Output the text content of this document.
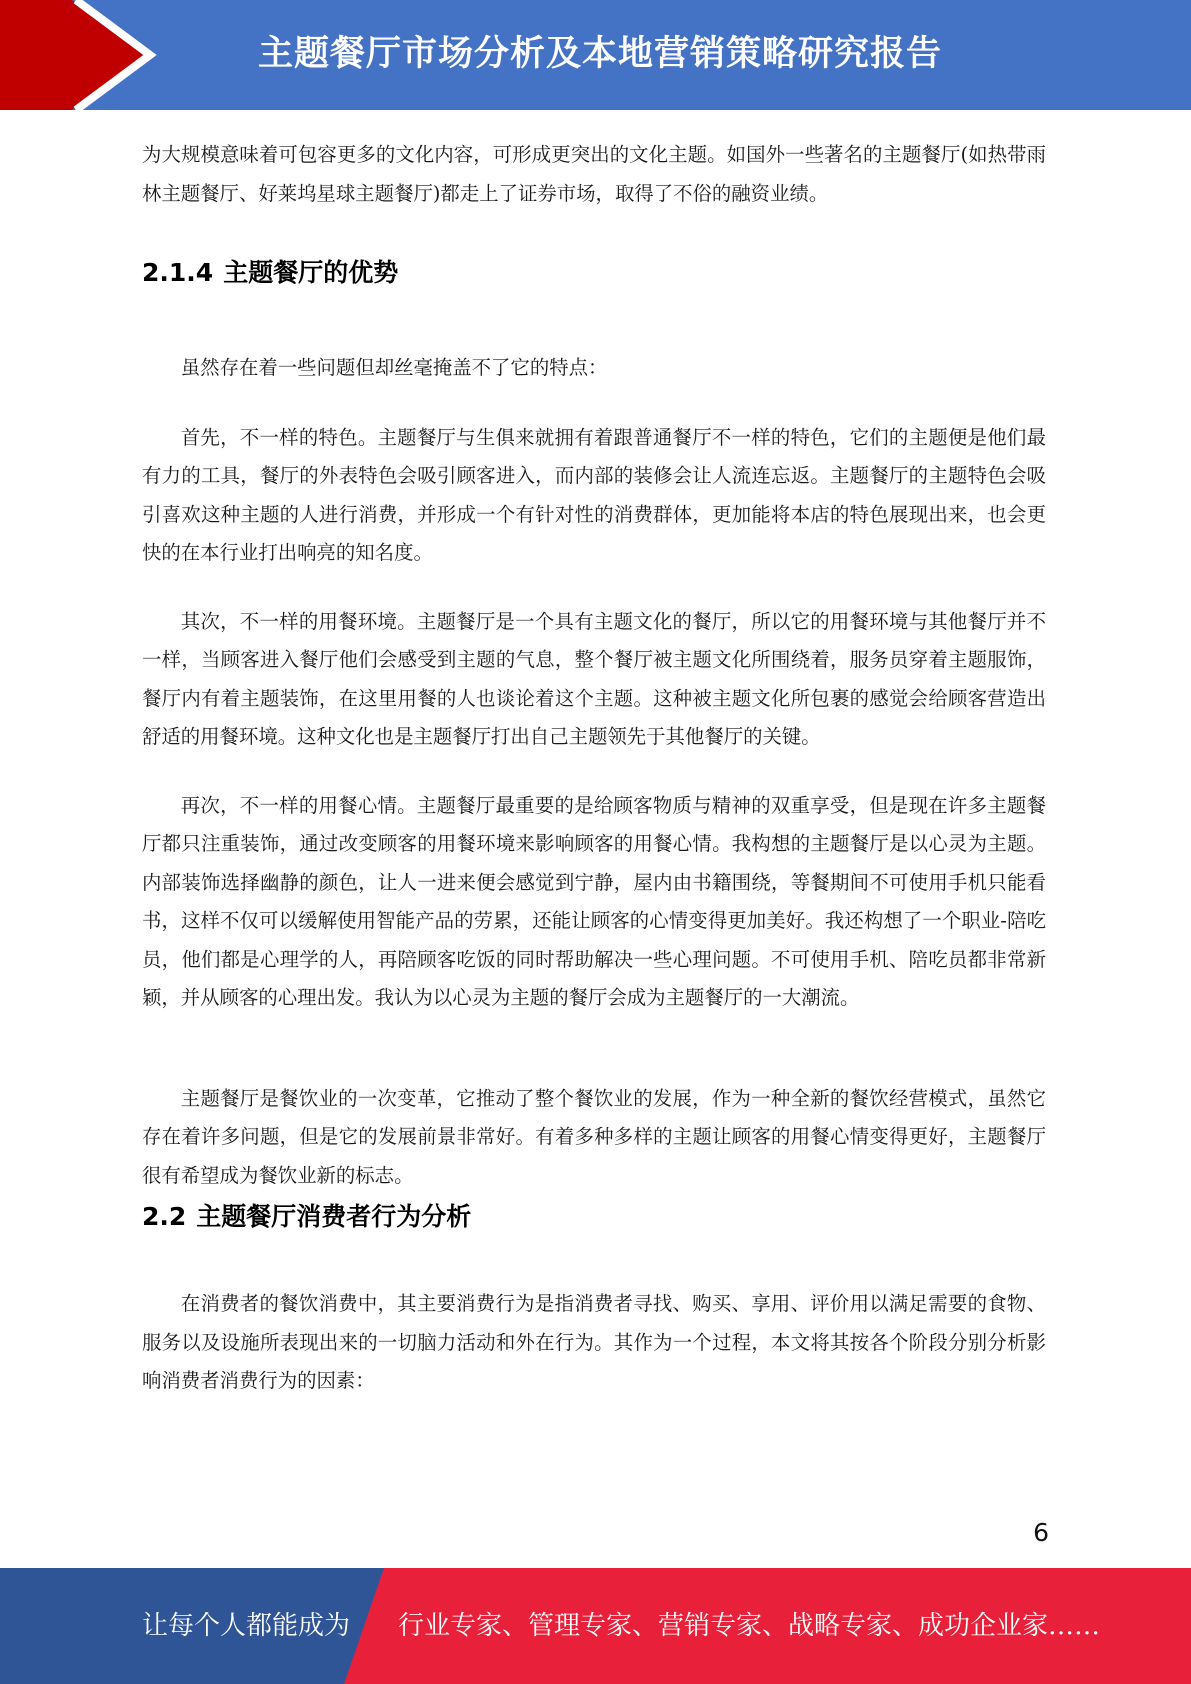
主题餐厅市场分析及本地营销策略研究报告

为大规模意味着可包容更多的文化内容，可形成更突出的文化主题。如国外一些著名的主题餐厅(如热带雨林主题餐厅、好莱坞星球主题餐厅)都走上了证券市场，取得了不俗的融资业绩。

2.1.4 主题餐厅的优势

虽然存在着一些问题但却丝毫掩盖不了它的特点：

首先，不一样的特色。主题餐厅与生俱来就拥有着跟普通餐厅不一样的特色，它们的主题便是他们最有力的工具，餐厅的外表特色会吸引顾客进入，而内部的装修会让人流连忘返。主题餐厅的主题特色会吸引喜欢这种主题的人进行消费，并形成一个有针对性的消费群体，更加能将本店的特色展现出来，也会更快的在本行业打出响亮的知名度。

其次，不一样的用餐环境。主题餐厅是一个具有主题文化的餐厅，所以它的用餐环境与其他餐厅并不一样，当顾客进入餐厅他们会感受到主题的气息，整个餐厅被主题文化所围绕着，服务员穿着主题服饰，餐厅内有着主题装饰，在这里用餐的人也谈论着这个主题。这种被主题文化所包裹的感觉会给顾客营造出舒适的用餐环境。这种文化也是主题餐厅打出自己主题领先于其他餐厅的关键。

再次，不一样的用餐心情。主题餐厅最重要的是给顾客物质与精神的双重享受，但是现在许多主题餐厅都只注重装饰，通过改变顾客的用餐环境来影响顾客的用餐心情。我构想的主题餐厅是以心灵为主题。内部装饰选择幽静的颜色，让人一进来便会感觉到宁静，屋内由书籍围绕，等餐期间不可使用手机只能看书，这样不仅可以缓解使用智能产品的劳累，还能让顾客的心情变得更加美好。我还构想了一个职业-陪吃员，他们都是心理学的人，再陪顾客吃饭的同时帮助解决一些心理问题。不可使用手机、陪吃员都非常新颖，并从顾客的心理出发。我认为以心灵为主题的餐厅会成为主题餐厅的一大潮流。

主题餐厅是餐饮业的一次变革，它推动了整个餐饮业的发展，作为一种全新的餐饮经营模式，虽然它存在着许多问题，但是它的发展前景非常好。有着多种多样的主题让顾客的用餐心情变得更好，主题餐厅很有希望成为餐饮业新的标志。

2.2 主题餐厅消费者行为分析

在消费者的餐饮消费中，其主要消费行为是指消费者寻找、购买、享用、评价用以满足需要的食物、服务以及设施所表现出来的一切脑力活动和外在行为。其作为一个过程，本文将其按各个阶段分别分析影响消费者消费行为的因素：

6
让每个人都能成为 行业专家、管理专家、营销专家、战略专家、成功企业家……
